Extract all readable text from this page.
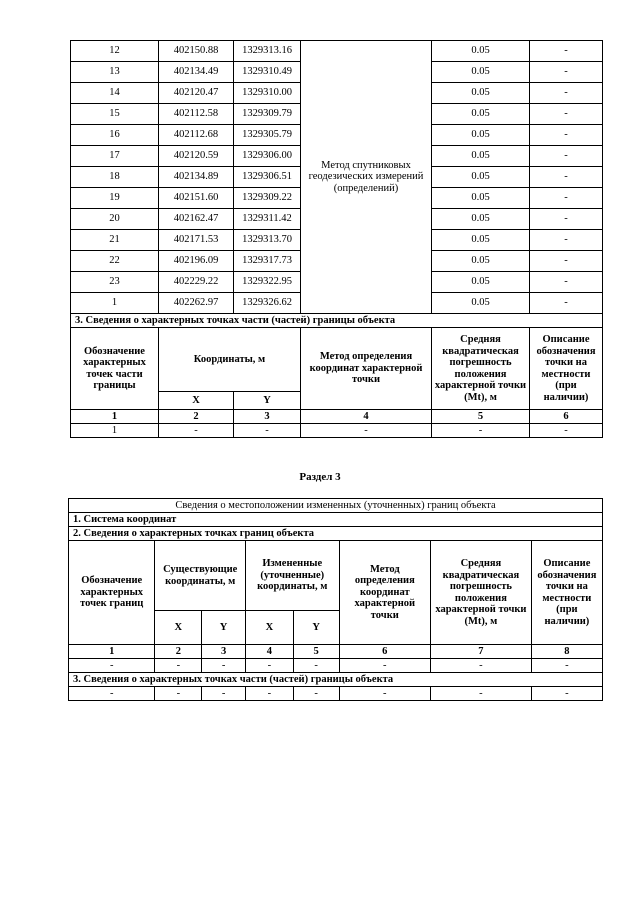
12	402150.88	1329313.16	Метод спутниковых геодезических измерений (определений)	0.05	-
13	402134.49	1329310.49		0.05	-
14	402120.47	1329310.00		0.05	-
15	402112.58	1329309.79		0.05	-
16	402112.68	1329305.79		0.05	-
17	402120.59	1329306.00		0.05	-
18	402134.89	1329306.51		0.05	-
19	402151.60	1329309.22		0.05	-
20	402162.47	1329311.42		0.05	-
21	402171.53	1329313.70		0.05	-
22	402196.09	1329317.73		0.05	-
23	402229.22	1329322.95		0.05	-
1	402262.97	1329326.62		0.05	-
3. Сведения о характерных точках части (частей) границы объекта					
Обозначение характерных точек части границы	Координаты, м		Метод определения координат характерной точки	Средняя квадратическая погрешность положения характерной точки (Mt), м	Описание обозначения точки на местности (при наличии)
	X	Y			
1	2	3	4	5	6
1	-	-	-	-	-
Раздел 3
Сведения о местоположении измененных (уточненных) границ объекта							
1. Система координат							
2. Сведения о характерных точках границ объекта							
Обозначение характерных точек границ	Существующие координаты, м		Измененные (уточненные) координаты, м		Метод определения координат характерной точки	Средняя квадратическая погрешность положения характерной точки (Mt), м	Описание обозначения точки на местности (при наличии)
	X	Y	X	Y			
1	2	3	4	5	6	7	8
-	-	-	-	-	-	-	-
3. Сведения о характерных точках части (частей) границы объекта							
-	-	-	-	-	-	-	-
